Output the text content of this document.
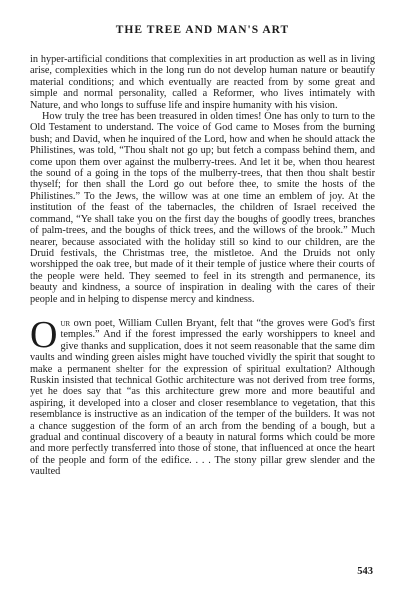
THE TREE AND MAN'S ART

in hyper-artificial conditions that complexities in art production as well as in living arise, complexities which in the long run do not develop human nature or beautify material conditions; and which eventually are reacted from by some great and simple and normal personality, called a Reformer, who lives intimately with Nature, and who longs to suffuse life and inspire humanity with his vision.

How truly the tree has been treasured in olden times! One has only to turn to the Old Testament to understand. The voice of God came to Moses from the burning bush; and David, when he inquired of the Lord, how and when he should attack the Philistines, was told, “Thou shalt not go up; but fetch a compass behind them, and come upon them over against the mulberry-trees. And let it be, when thou hearest the sound of a going in the tops of the mulberry-trees, that then thou shalt bestir thyself; for then shall the Lord go out before thee, to smite the hosts of the Philistines.” To the Jews, the willow was at one time an emblem of joy. At the institution of the feast of the tabernacles, the children of Israel received the command, “Ye shall take you on the first day the boughs of goodly trees, branches of palm-trees, and the boughs of thick trees, and the willows of the brook.” Much nearer, because associated with the holiday still so kind to our children, are the Druid festivals, the Christmas tree, the mistletoe. And the Druids not only worshipped the oak tree, but made of it their temple of justice where their courts of the people were held. They seemed to feel in its strength and permanence, its beauty and kindness, a source of inspiration in dealing with the cares of their people and in helping to dispense mercy and kindness.

Our own poet, William Cullen Bryant, felt that “the groves were God's first temples.” And if the forest impressed the early worshippers to kneel and give thanks and supplication, does it not seem reasonable that the same dim vaults and winding green aisles might have touched vividly the spirit that sought to make a permanent shelter for the expression of spiritual exultation? Although Ruskin insisted that technical Gothic architecture was not derived from tree forms, yet he does say that “as this architecture grew more and more beautiful and aspiring, it developed into a closer and closer resemblance to vegetation, that this resemblance is instructive as an indication of the temper of the builders. It was not a chance suggestion of the form of an arch from the bending of a bough, but a gradual and continual discovery of a beauty in natural forms which could be more and more perfectly transferred into those of stone, that influenced at once the heart of the people and form of the edifice. . . . The stony pillar grew slender and the vaulted

543
